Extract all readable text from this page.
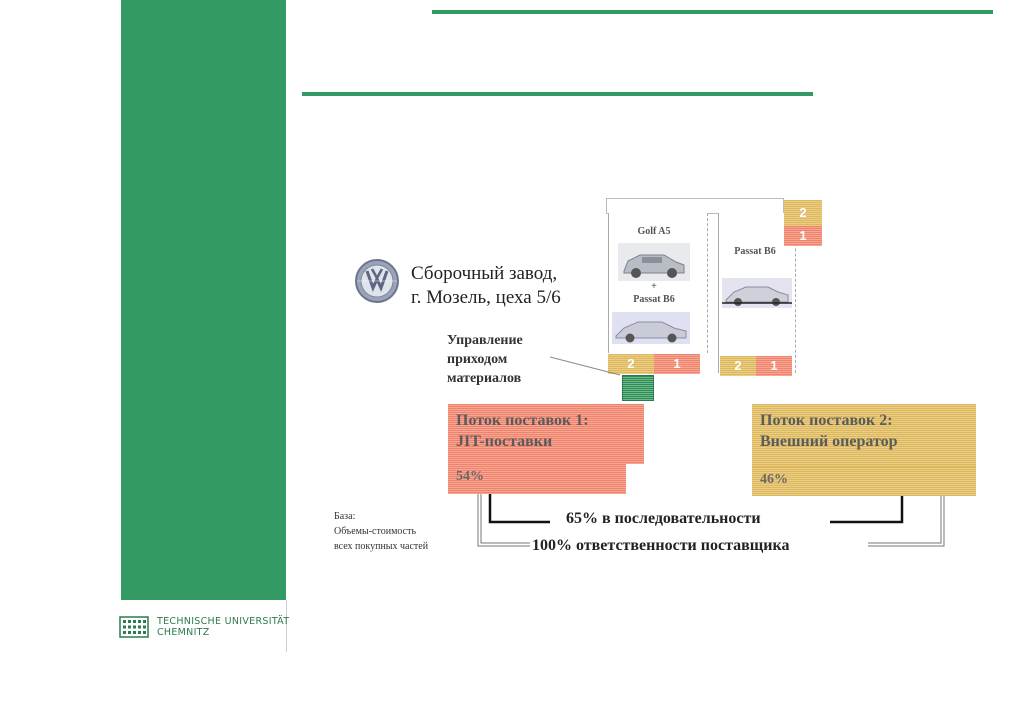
TECHNISCHE UNIVERSITÄT
CHEMNITZ
Сборочный завод,
г. Мозель, цеха 5/6
Golf A5
+
Passat B6
Passat B6
2	1	2	1
2
1
Управление
приходом
материалов
Поток поставок 1:
JIT-поставки
54%
Поток поставок 2:
Внешний оператор
46%
65% в последовательности
100% ответственности поставщика
База:
Объемы-стоимость
всех покупных частей
